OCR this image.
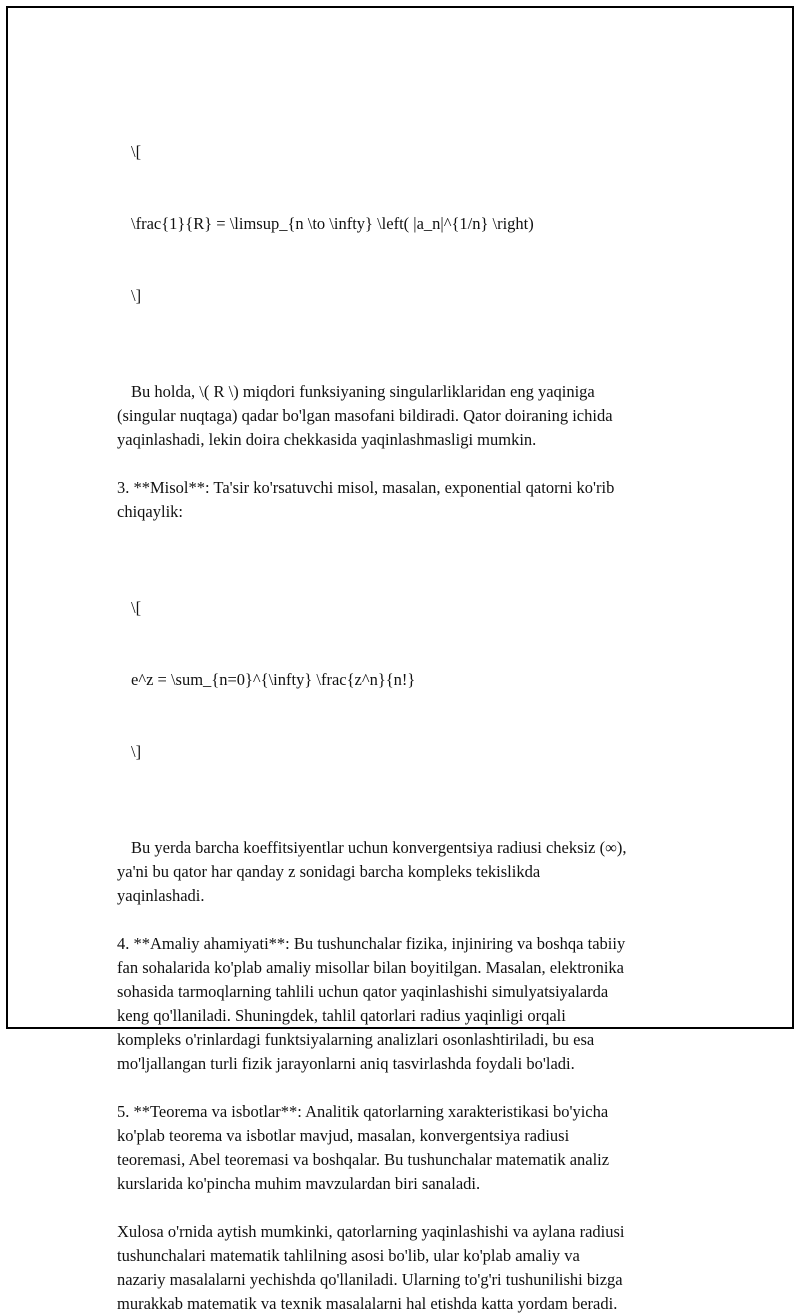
\[

\frac{1}{R} = \limsup_{n \to \infty} \left( |a_n|^{1/n} \right)

\]

Bu holda, \( R \) miqdori funksiyaning singularliklaridan eng yaqiniga
(singular nuqtaga) qadar bo'lgan masofani bildiradi. Qator doiraning ichida
yaqinlashadi, lekin doira chekkasida yaqinlashmasligi mumkin.
3. **Misol**: Ta'sir ko'rsatuvchi misol, masalan, exponential qatorni ko'rib
chiqaylik:

\[

e^z = \sum_{n=0}^{\infty} \frac{z^n}{n!}

\]

Bu yerda barcha koeffitsiyentlar uchun konvergentsiya radiusi cheksiz (∞),
ya'ni bu qator har qanday z sonidagi barcha kompleks tekislikda
yaqinlashadi.
4. **Amaliy ahamiyati**: Bu tushunchalar fizika, injiniring va boshqa tabiiy
fan sohalarida ko'plab amaliy misollar bilan boyitilgan. Masalan, elektronika
sohasida tarmoqlarning tahlili uchun qator yaqinlashishi simulyatsiyalarda
keng qo'llaniladi. Shuningdek, tahlil qatorlari radius yaqinligi orqali
kompleks o'rinlardagi funktsiyalarning analizlari osonlashtiriladi, bu esa
mo'ljallangan turli fizik jarayonlarni aniq tasvirlashda foydali bo'ladi.
5. **Teorema va isbotlar**: Analitik qatorlarning xarakteristikasi bo'yicha
ko'plab teorema va isbotlar mavjud, masalan, konvergentsiya radiusi
teoremasi, Abel teoremasi va boshqalar. Bu tushunchalar matematik analiz
kurslarida ko'pincha muhim mavzulardan biri sanaladi.
Xulosa o'rnida aytish mumkinki, qatorlarning yaqinlashishi va aylana radiusi
tushunchalari matematik tahlilning asosi bo'lib, ular ko'plab amaliy va
nazariy masalalarni yechishda qo'llaniladi. Ularning to'g'ri tushunilishi bizga
murakkab matematik va texnik masalalarni hal etishda katta yordam beradi.
